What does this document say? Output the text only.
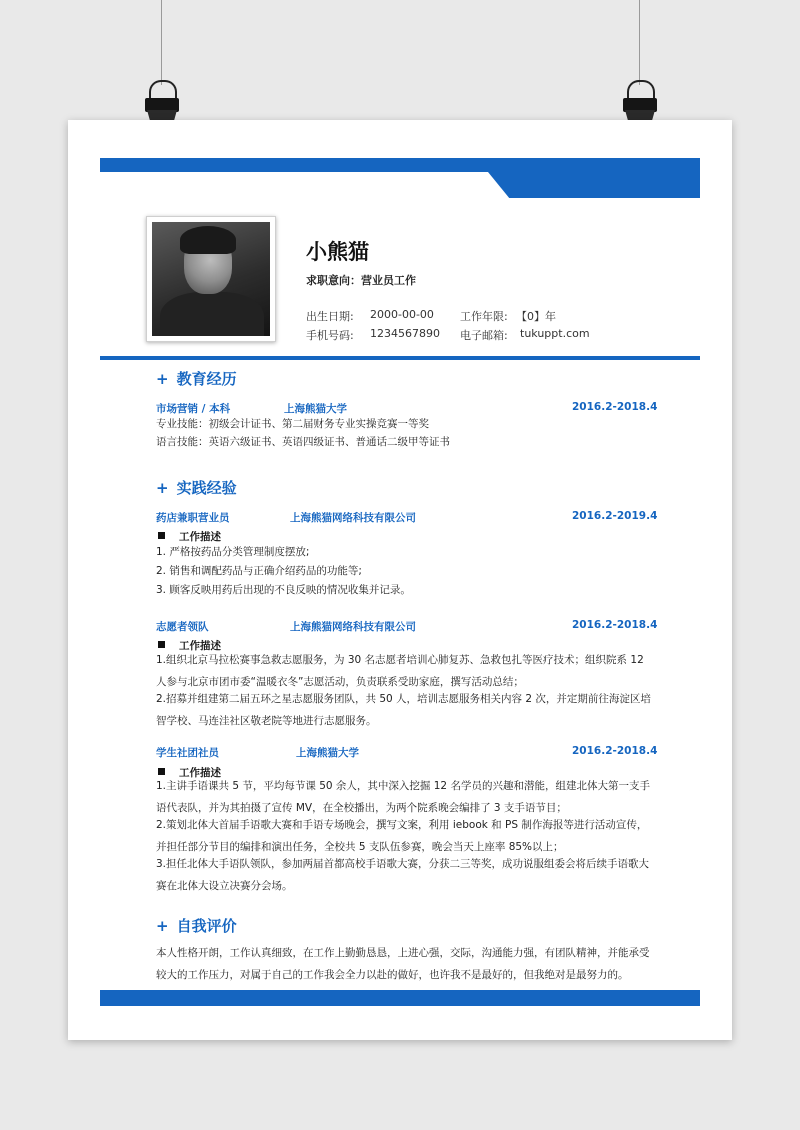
小熊猫
求职意向：营业员工作
出生日期: 2000-00-00 工作年限: 【0】年
手机号码: 1234567890 电子邮箱: tukuppt.com
+ 教育经历
市场营销 / 本科	上海熊猫大学	2016.2-2018.4
专业技能：初级会计证书、第二届财务专业实操竞赛一等奖
语言技能：英语六级证书、英语四级证书、普通话二级甲等证书
+ 实践经验
药店兼职营业员	上海熊猫网络科技有限公司	2016.2-2019.4
工作描述
1. 严格按药品分类管理制度摆放;
2. 销售和调配药品与正确介绍药品的功能等;
3. 顾客反映用药后出现的不良反映的情况收集并记录。
志愿者领队	上海熊猫网络科技有限公司	2016.2-2018.4
工作描述
1.组织北京马拉松赛事急救志愿服务，为 30 名志愿者培训心肺复苏、急救包扎等医疗技术；组织院系 12 人参与北京市团市委“温暖衣冬”志愿活动，负责联系受助家庭，撰写活动总结；
2.招募并组建第二届五环之星志愿服务团队，共 50 人，培训志愿服务相关内容 2 次，并定期前往海淀区培智学校、马连洼社区敬老院等地进行志愿服务。
学生社团社员	上海熊猫大学	2016.2-2018.4
工作描述
1.主讲手语课共 5 节，平均每节课 50 余人，其中深入挖掘 12 名学员的兴趣和潜能，组建北体大第一支手语代表队，并为其拍摄了宣传 MV，在全校播出，为两个院系晚会编排了 3 支手语节目；
2.策划北体大首届手语歌大赛和手语专场晚会，撰写文案，利用 iebook 和 PS 制作海报等进行活动宣传，并担任部分节目的编排和演出任务，全校共 5 支队伍参赛，晚会当天上座率 85%以上；
3.担任北体大手语队领队，参加两届首都高校手语歌大赛，分获二三等奖，成功说服组委会将后续手语歌大赛在北体大设立决赛分会场。
+ 自我评价
本人性格开朗，工作认真细致，在工作上勤勤恳恳，上进心强，交际，沟通能力强，有团队精神，并能承受较大的工作压力，对属于自己的工作我会全力以赴的做好，也许我不是最好的，但我绝对是最努力的。
